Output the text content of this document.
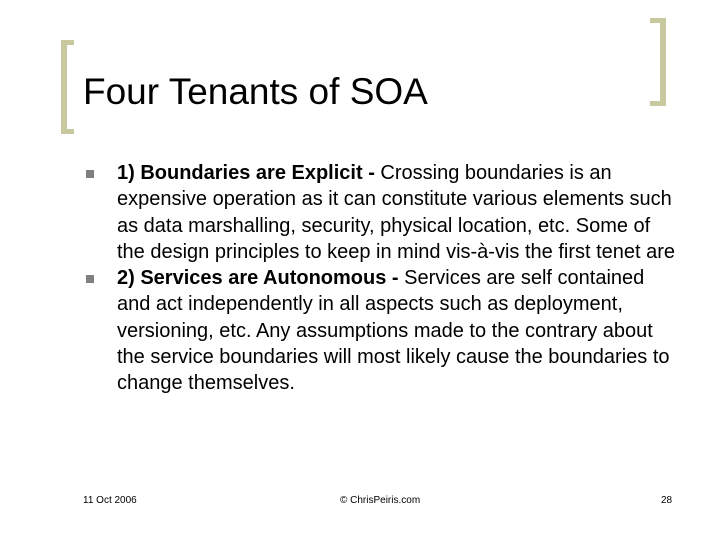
Four Tenants of SOA
1) Boundaries are Explicit - Crossing boundaries is an expensive operation as it can constitute various elements such as data marshalling, security, physical location, etc. Some of the design principles to keep in mind vis-à-vis the first tenet are
2) Services are Autonomous - Services are self contained and act independently in all aspects such as deployment, versioning, etc. Any assumptions made to the contrary about the service boundaries will most likely cause the boundaries to change themselves.
11 Oct 2006	© ChrisPeiris.com	28
